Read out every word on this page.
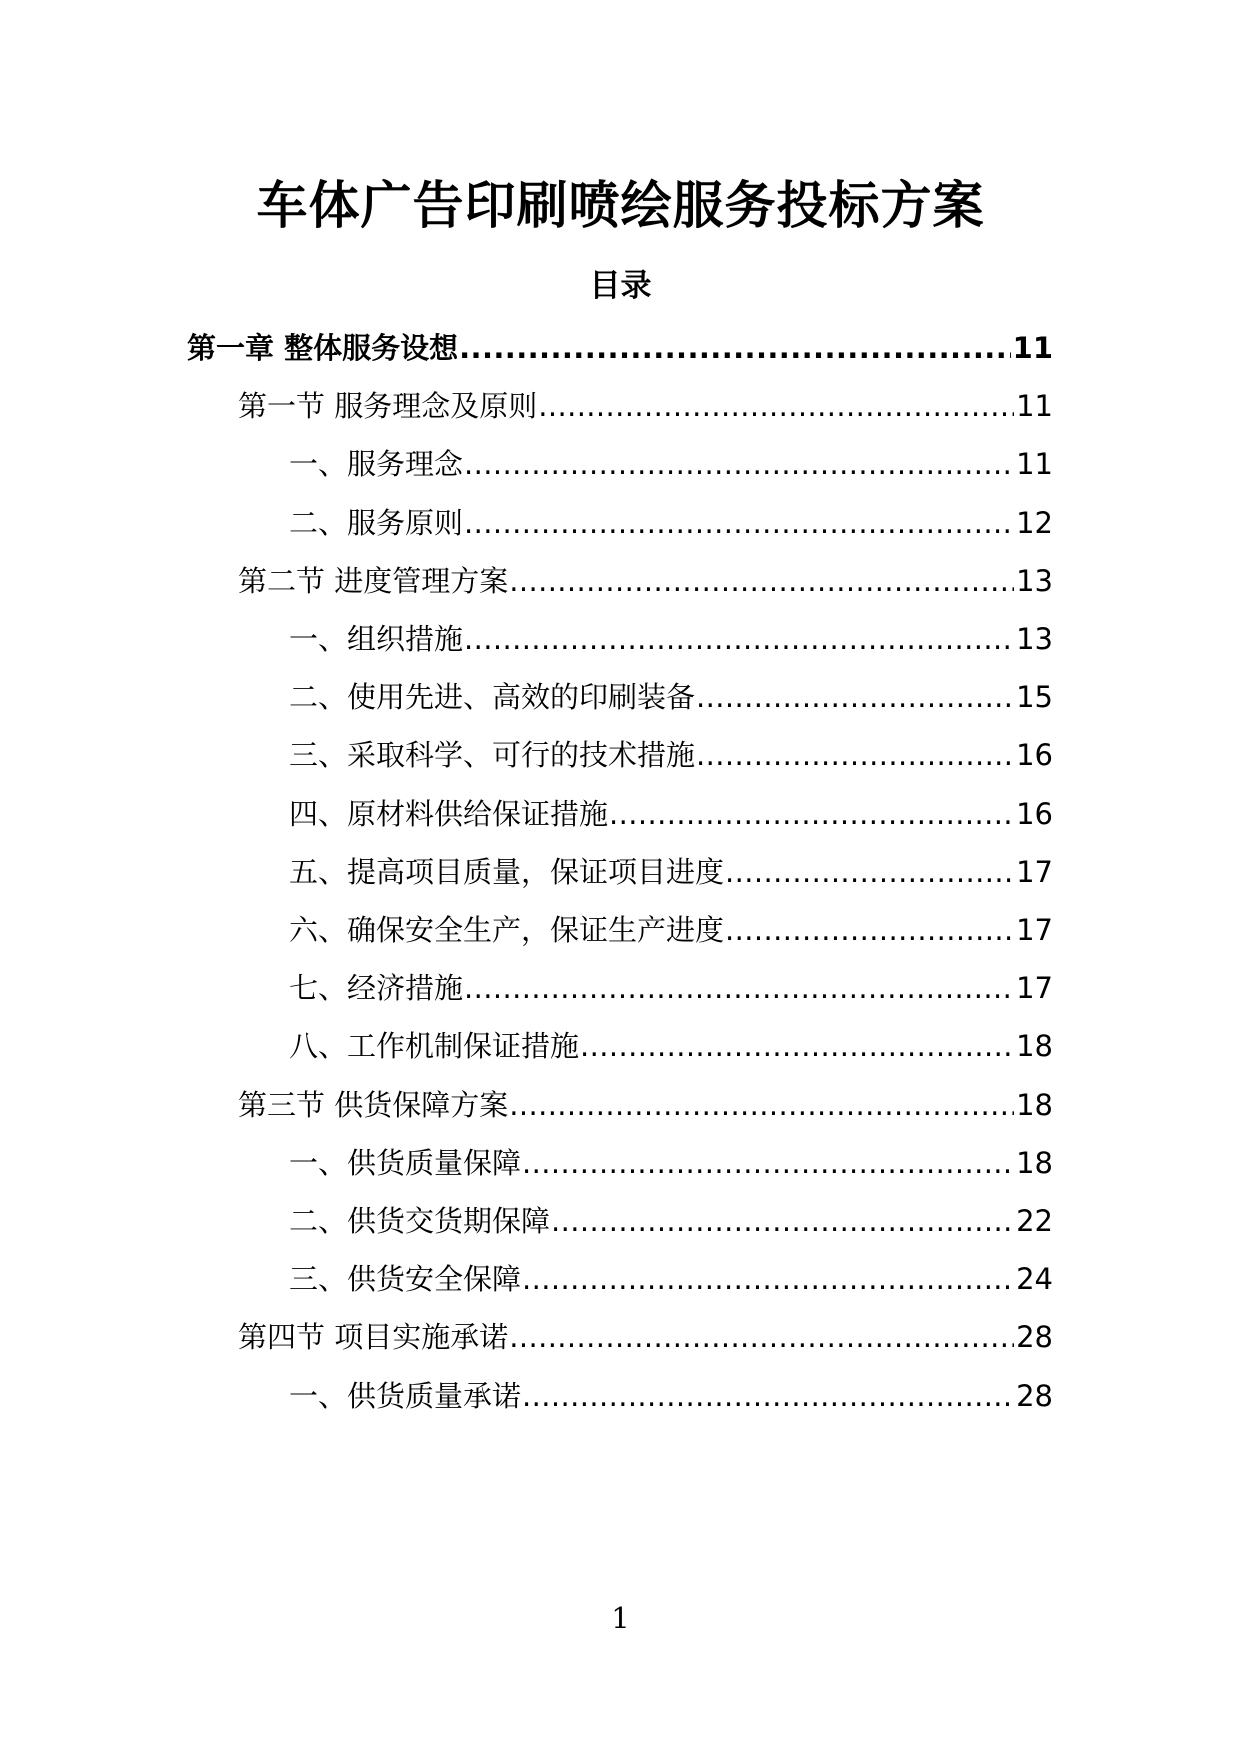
车体广告印刷喷绘服务投标方案
目录
第一章 整体服务设想 .....	11
第一节 服务理念及原则 .....	11
一、服务理念 .....	11
二、服务原则 .....	12
第二节 进度管理方案 .....	13
一、组织措施 .....	13
二、使用先进、高效的印刷装备 .....	15
三、采取科学、可行的技术措施 .....	16
四、原材料供给保证措施 .....	16
五、提高项目质量，保证项目进度 .....	17
六、确保安全生产，保证生产进度 .....	17
七、经济措施 .....	17
八、工作机制保证措施 .....	18
第三节 供货保障方案 .....	18
一、供货质量保障 .....	18
二、供货交货期保障 .....	22
三、供货安全保障 .....	24
第四节 项目实施承诺 .....	28
一、供货质量承诺 .....	28
1
